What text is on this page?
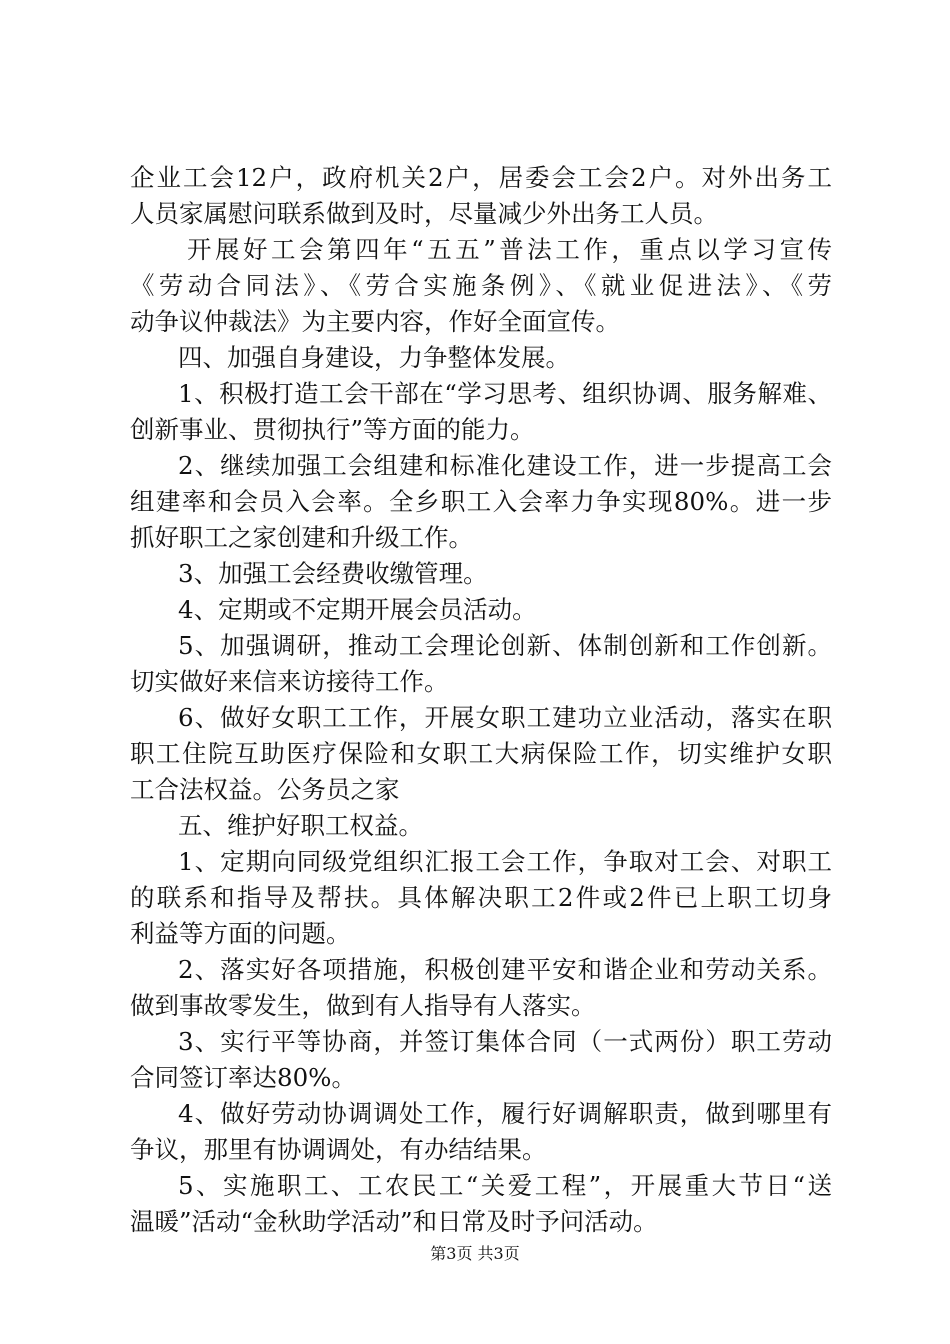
企业工会12户，政府机关2户，居委会工会2户。对外出务工
人员家属慰问联系做到及时，尽量减少外出务工人员。
开展好工会第四年“五五”普法工作，重点以学习宣传
《劳动合同法》、《劳合实施条例》、《就业促进法》、《劳
动争议仲裁法》为主要内容，作好全面宣传。
四、加强自身建设，力争整体发展。
1、积极打造工会干部在“学习思考、组织协调、服务解难、
创新事业、贯彻执行”等方面的能力。
2、继续加强工会组建和标准化建设工作，进一步提高工会
组建率和会员入会率。全乡职工入会率力争实现80%。进一步
抓好职工之家创建和升级工作。
3、加强工会经费收缴管理。
4、定期或不定期开展会员活动。
5、加强调研，推动工会理论创新、体制创新和工作创新。
切实做好来信来访接待工作。
6、做好女职工工作，开展女职工建功立业活动，落实在职
职工住院互助医疗保险和女职工大病保险工作，切实维护女职
工合法权益。公务员之家
五、维护好职工权益。
1、定期向同级党组织汇报工会工作，争取对工会、对职工
的联系和指导及帮扶。具体解决职工2件或2件已上职工切身
利益等方面的问题。
2、落实好各项措施，积极创建平安和谐企业和劳动关系。
做到事故零发生，做到有人指导有人落实。
3、实行平等协商，并签订集体合同（一式两份）职工劳动
合同签订率达80%。
4、做好劳动协调调处工作，履行好调解职责，做到哪里有
争议，那里有协调调处，有办结结果。
5、实施职工、工农民工“关爱工程”，开展重大节日“送
温暖”活动“金秋助学活动”和日常及时予问活动。
第3页 共3页
